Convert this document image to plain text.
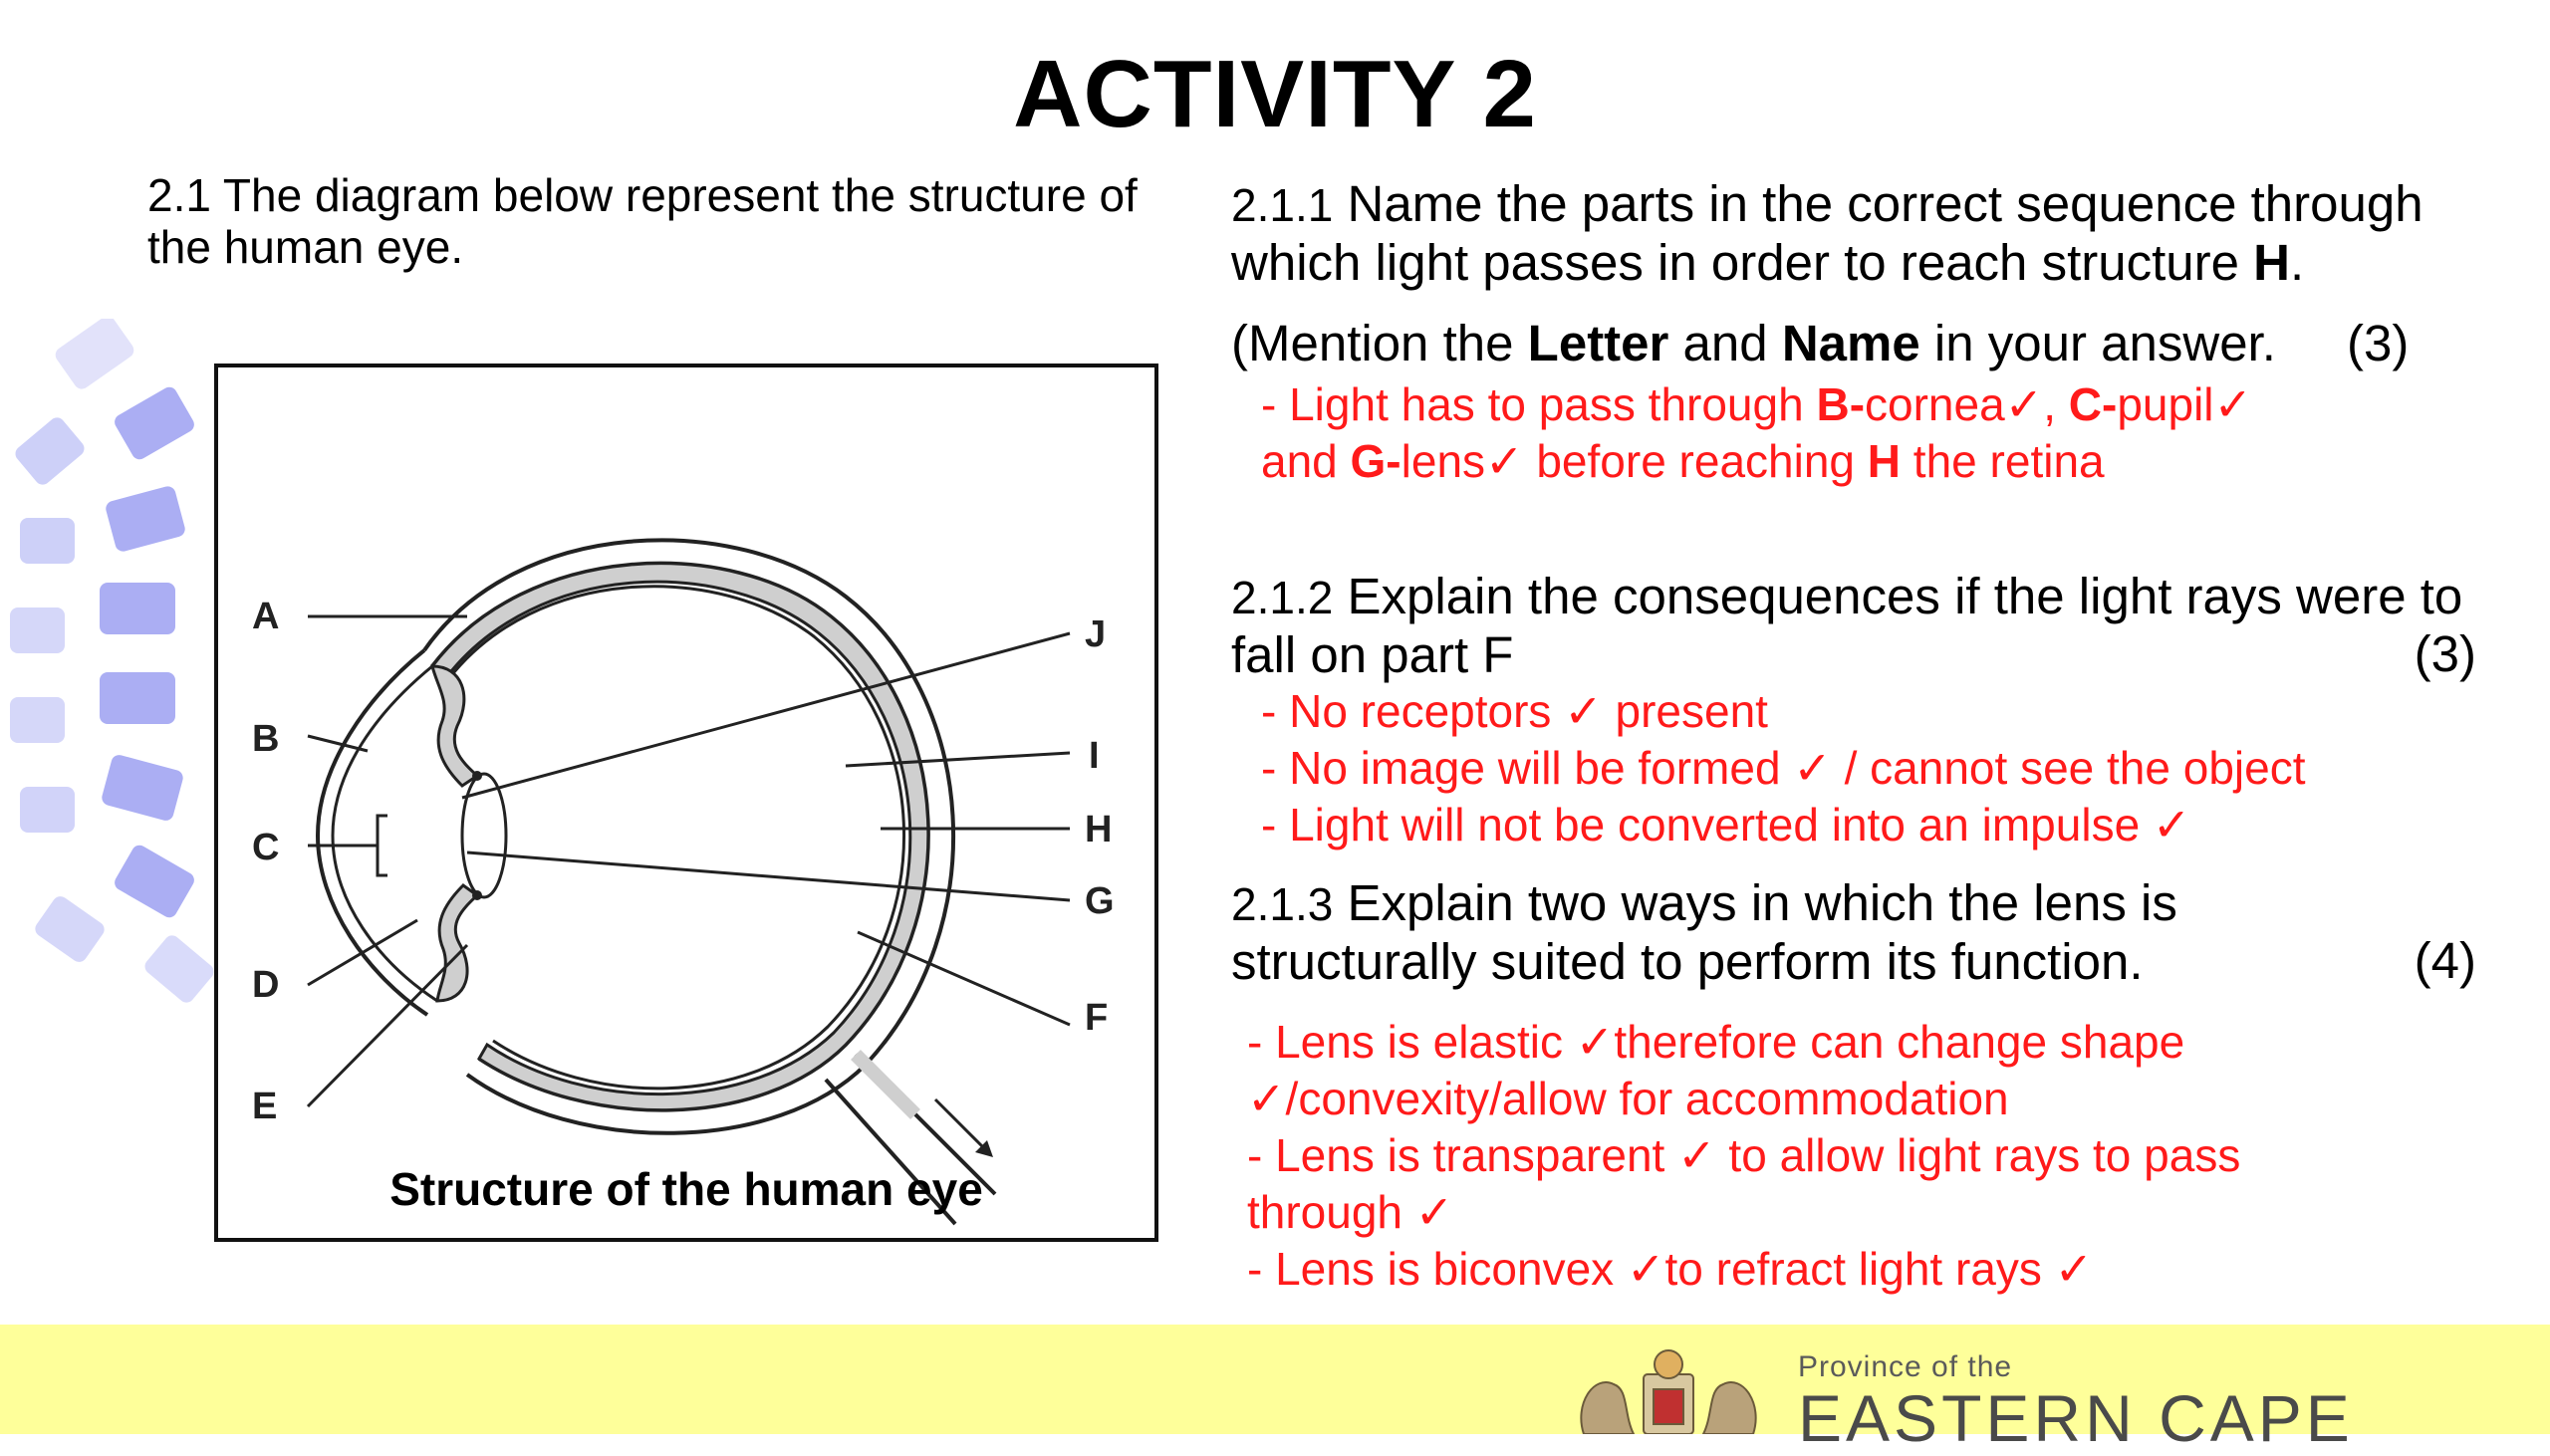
ACTIVITY 2
2.1 The diagram below represent the structure of the human eye.
A
B
C
D
E
F
G
H
I
J
Structure of the human eye
2.1.1 Name the parts in the correct sequence through which light passes in order to reach structure H.
(Mention the Letter and Name in your answer. (3)
- Light has to pass through B-cornea✓, C-pupil✓
and G-lens✓ before reaching H the retina
2.1.2 Explain the consequences if the light rays were to fall on part F	(3)
- No receptors ✓ present
- No image will be formed ✓ / cannot see the object
- Light will not be converted into an impulse ✓
2.1.3 Explain two ways in which the lens is
structurally suited to perform its function.	(4)
- Lens is elastic ✓therefore can change shape
✓/convexity/allow for accommodation
- Lens is transparent ✓ to allow light rays to pass
through ✓
- Lens is biconvex ✓to refract light rays ✓
Province of the
EASTERN CAPE
